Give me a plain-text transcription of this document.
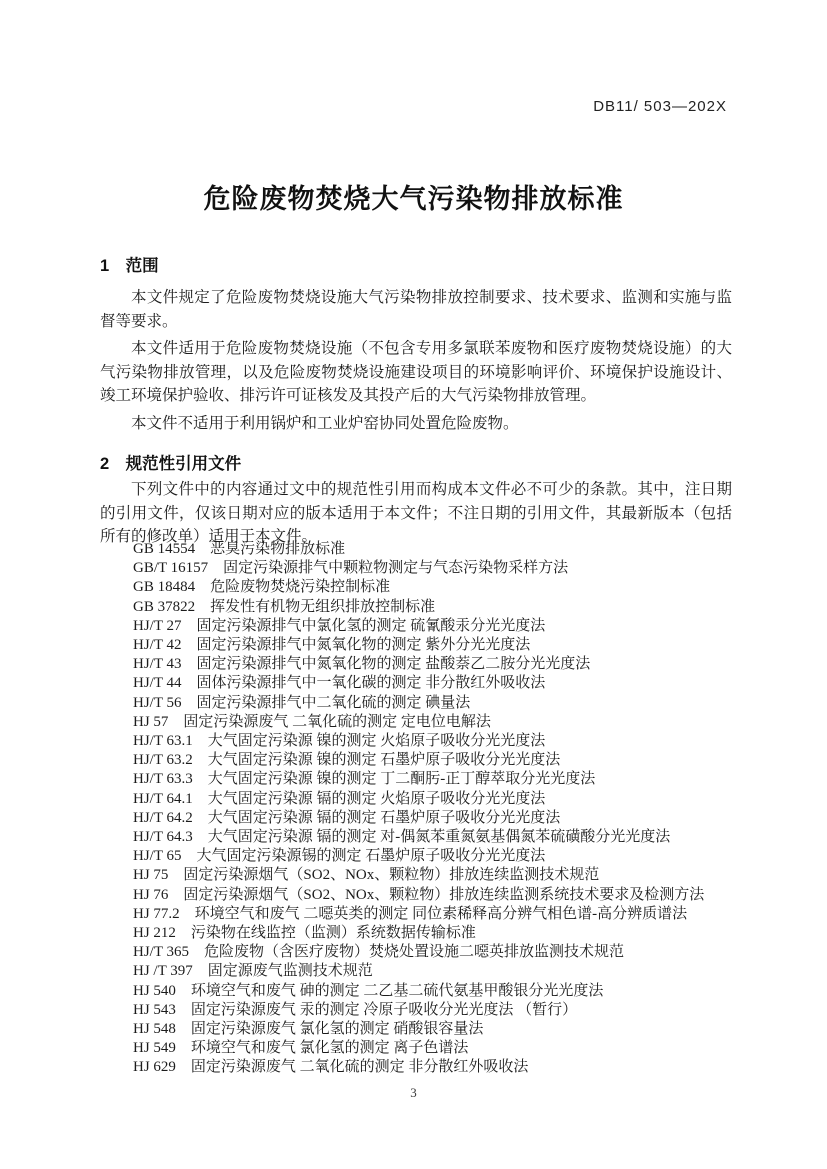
DB11/ 503—202X
危险废物焚烧大气污染物排放标准
1　范围

本文件规定了危险废物焚烧设施大气污染物排放控制要求、技术要求、监测和实施与监督等要求。

本文件适用于危险废物焚烧设施（不包含专用多氯联苯废物和医疗废物焚烧设施）的大气污染物排放管理，以及危险废物焚烧设施建设项目的环境影响评价、环境保护设施设计、竣工环境保护验收、排污许可证核发及其投产后的大气污染物排放管理。

本文件不适用于利用锅炉和工业炉窑协同处置危险废物。

2　规范性引用文件

下列文件中的内容通过文中的规范性引用而构成本文件必不可少的条款。其中，注日期的引用文件，仅该日期对应的版本适用于本文件；不注日期的引用文件，其最新版本（包括所有的修改单）适用于本文件。

GB 14554　恶臭污染物排放标准
GB/T 16157　固定污染源排气中颗粒物测定与气态污染物采样方法
GB 18484　危险废物焚烧污染控制标准
GB 37822　挥发性有机物无组织排放控制标准
HJ/T 27　固定污染源排气中氯化氢的测定 硫氰酸汞分光光度法
HJ/T 42　固定污染源排气中氮氧化物的测定 紫外分光光度法
HJ/T 43　固定污染源排气中氮氧化物的测定 盐酸萘乙二胺分光光度法
HJ/T 44　固体污染源排气中一氧化碳的测定 非分散红外吸收法
HJ/T 56　固定污染源排气中二氧化硫的测定 碘量法
HJ 57　固定污染源废气 二氧化硫的测定 定电位电解法
HJ/T 63.1　大气固定污染源 镍的测定 火焰原子吸收分光光度法
HJ/T 63.2　大气固定污染源 镍的测定 石墨炉原子吸收分光光度法
HJ/T 63.3　大气固定污染源 镍的测定 丁二酮肟-正丁醇萃取分光光度法
HJ/T 64.1　大气固定污染源 镉的测定 火焰原子吸收分光光度法
HJ/T 64.2　大气固定污染源 镉的测定 石墨炉原子吸收分光光度法
HJ/T 64.3　大气固定污染源 镉的测定 对-偶氮苯重氮氨基偶氮苯硫磺酸分光光度法
HJ/T 65　大气固定污染源锡的测定 石墨炉原子吸收分光光度法
HJ 75　固定污染源烟气（SO2、NOx、颗粒物）排放连续监测技术规范
HJ 76　固定污染源烟气（SO2、NOx、颗粒物）排放连续监测系统技术要求及检测方法
HJ 77.2　环境空气和废气 二噁英类的测定 同位素稀释高分辨气相色谱-高分辨质谱法
HJ 212　污染物在线监控（监测）系统数据传输标准
HJ/T 365　危险废物（含医疗废物）焚烧处置设施二噁英排放监测技术规范
HJ /T 397　固定源废气监测技术规范
HJ 540　环境空气和废气 砷的测定 二乙基二硫代氨基甲酸银分光光度法
HJ 543　固定污染源废气 汞的测定 冷原子吸收分光光度法 （暂行）
HJ 548　固定污染源废气 氯化氢的测定 硝酸银容量法
HJ 549　环境空气和废气 氯化氢的测定 离子色谱法
HJ 629　固定污染源废气 二氧化硫的测定 非分散红外吸收法
3
